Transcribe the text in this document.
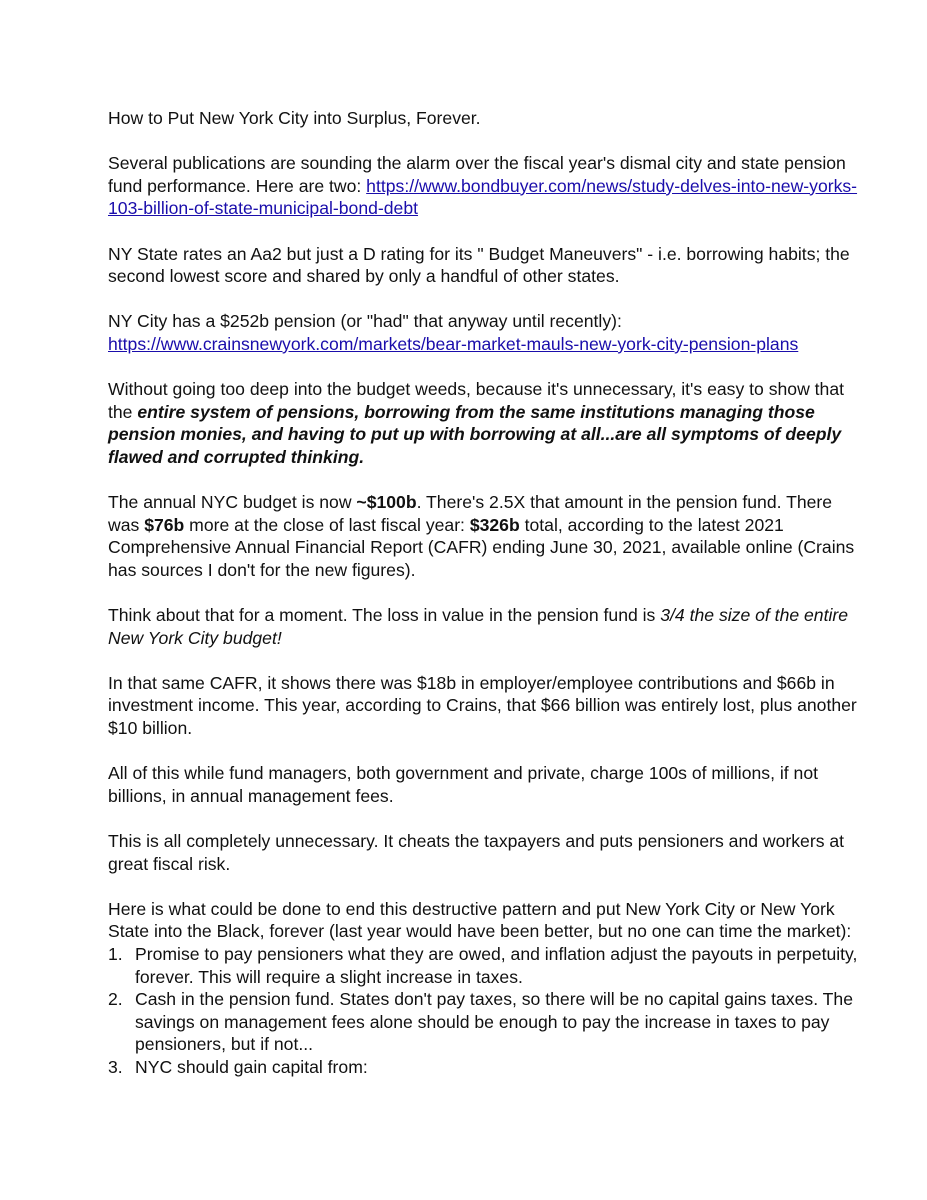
How to Put New York City into Surplus, Forever.

Several publications are sounding the alarm over the fiscal year's dismal city and state pension fund performance. Here are two: https://www.bondbuyer.com/news/study-delves-into-new-yorks-103-billion-of-state-municipal-bond-debt

NY State rates an Aa2 but just a D rating for its " Budget Maneuvers" - i.e. borrowing habits; the second lowest score and shared by only a handful of other states.

NY City has a $252b pension (or "had" that anyway until recently): https://www.crainsnewyork.com/markets/bear-market-mauls-new-york-city-pension-plans

Without going too deep into the budget weeds, because it's unnecessary, it's easy to show that the entire system of pensions, borrowing from the same institutions managing those pension monies, and having to put up with borrowing at all...are all symptoms of deeply flawed and corrupted thinking.

The annual NYC budget is now ~$100b. There's 2.5X that amount in the pension fund. There was $76b more at the close of last fiscal year: $326b total, according to the latest 2021 Comprehensive Annual Financial Report (CAFR) ending June 30, 2021, available online (Crains has sources I don't for the new figures).

Think about that for a moment. The loss in value in the pension fund is 3/4 the size of the entire New York City budget!

In that same CAFR, it shows there was $18b in employer/employee contributions and $66b in investment income. This year, according to Crains, that $66 billion was entirely lost, plus another $10 billion.

All of this while fund managers, both government and private, charge 100s of millions, if not billions, in annual management fees.

This is all completely unnecessary. It cheats the taxpayers and puts pensioners and workers at great fiscal risk.

Here is what could be done to end this destructive pattern and put New York City or New York State into the Black, forever (last year would have been better, but no one can time the market):

1. Promise to pay pensioners what they are owed, and inflation adjust the payouts in perpetuity, forever. This will require a slight increase in taxes.
2. Cash in the pension fund. States don't pay taxes, so there will be no capital gains taxes. The savings on management fees alone should be enough to pay the increase in taxes to pay pensioners, but if not...
3. NYC should gain capital from:
